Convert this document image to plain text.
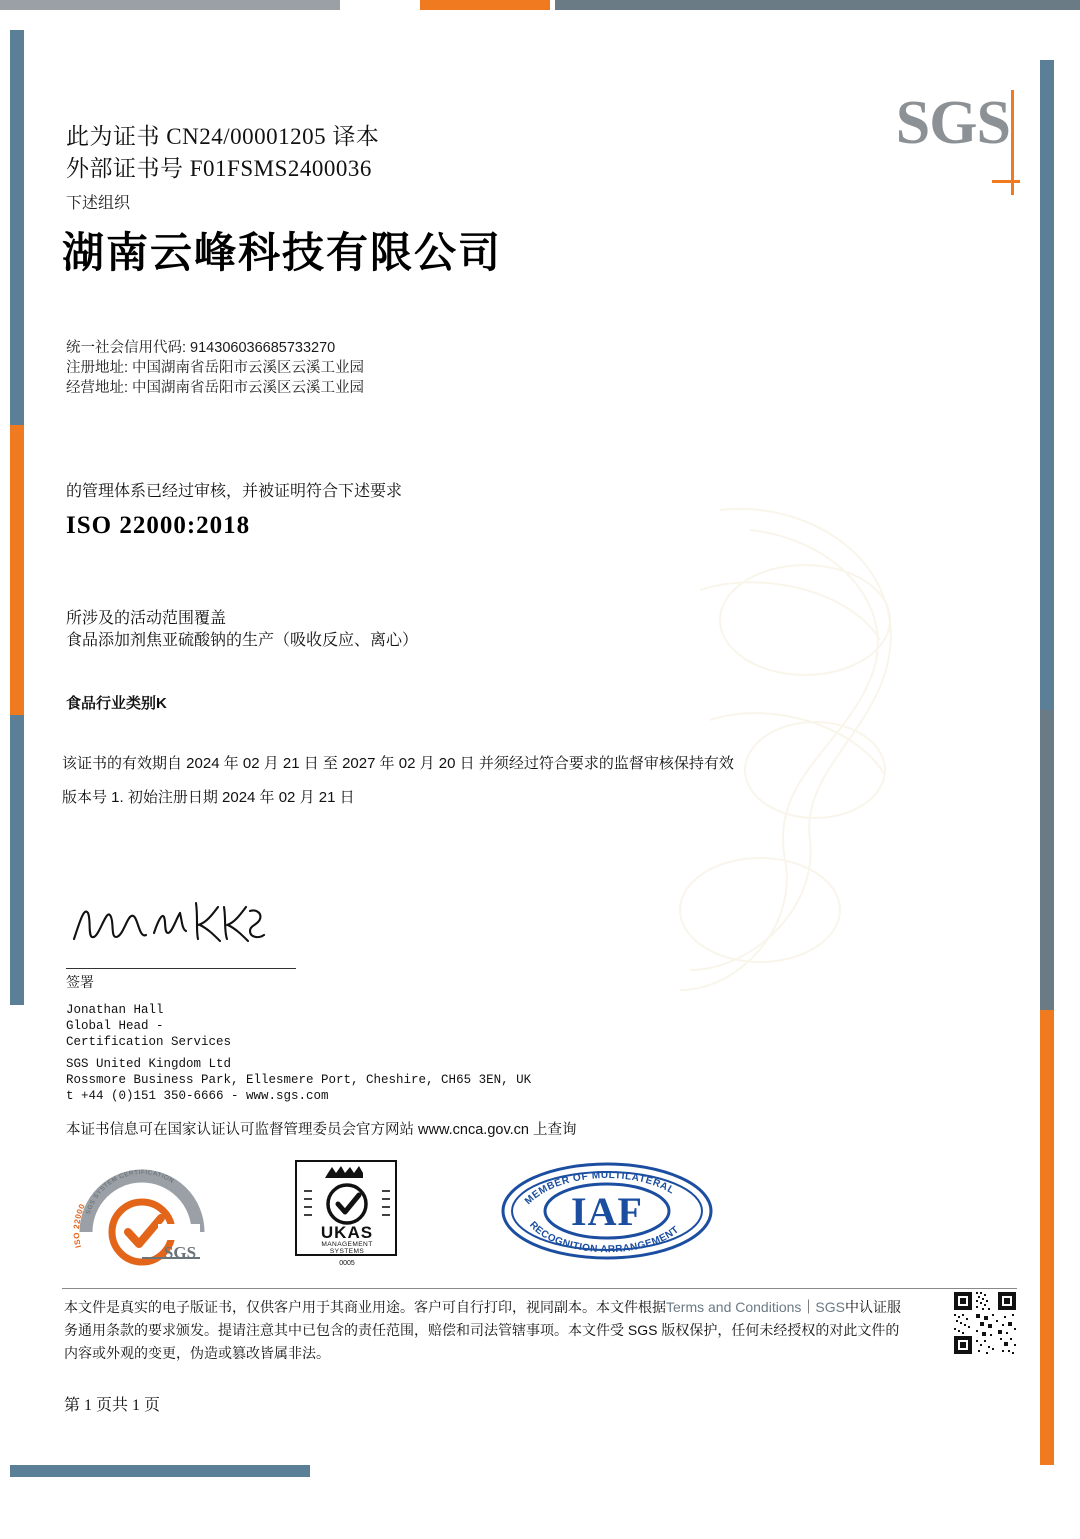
SGS
此为证书 CN24/00001205 译本
外部证书号 F01FSMS2400036
下述组织
湖南云峰科技有限公司
统一社会信用代码: 914306036685733270
注册地址: 中国湖南省岳阳市云溪区云溪工业园
经营地址: 中国湖南省岳阳市云溪区云溪工业园
的管理体系已经过审核，并被证明符合下述要求
ISO 22000:2018
所涉及的活动范围覆盖
食品添加剂焦亚硫酸钠的生产（吸收反应、离心）
食品行业类别K
该证书的有效期自 2024 年 02 月 21 日 至 2027 年 02 月 20 日 并须经过符合要求的监督审核保持有效
版本号 1. 初始注册日期 2024 年 02 月 21 日
签署
Jonathan Hall
Global Head -
Certification Services
SGS United Kingdom Ltd
Rossmore Business Park, Ellesmere Port, Cheshire, CH65 3EN, UK
t +44 (0)151 350-6666 - www.sgs.com
本证书信息可在国家认证认可监督管理委员会官方网站 www.cnca.gov.cn 上查询
SGS SYSTEM CERTIFICATION
ISO 22000
SGS
UKAS
MANAGEMENT
SYSTEMS
0005
MEMBER OF MULTILATERAL
RECOGNITION ARRANGEMENT
IAF
本文件是真实的电子版证书，仅供客户用于其商业用途。客户可自行打印，视同副本。本文件根据Terms and Conditions｜SGS中认证服务通用条款的要求颁发。提请注意其中已包含的责任范围，赔偿和司法管辖事项。本文件受 SGS 版权保护，任何未经授权的对此文件的内容或外观的变更，伪造或篡改皆属非法。
第 1 页共 1 页
